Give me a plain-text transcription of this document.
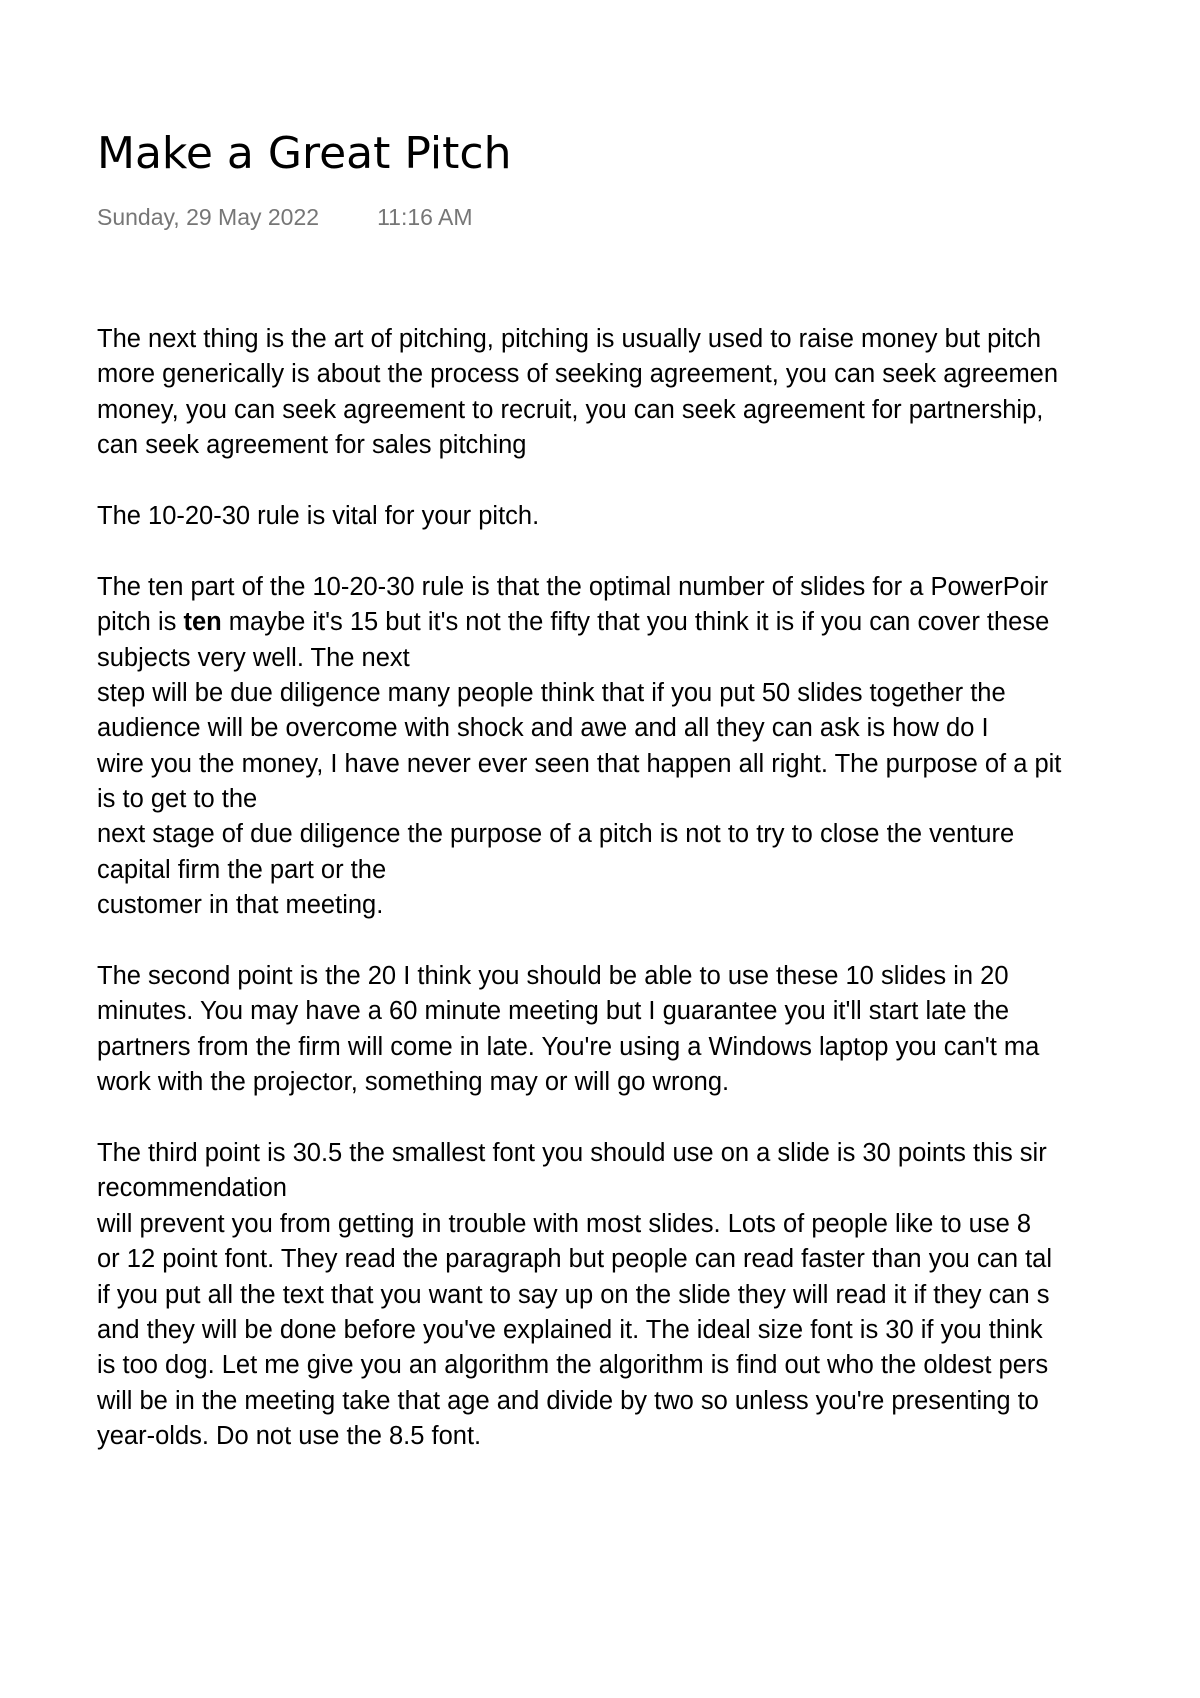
Make a Great Pitch
Sunday, 29 May 2022	11:16 AM
The next thing is the art of pitching, pitching is usually used to raise money but pitch
more generically is about the process of seeking agreement, you can seek agreemen
money, you can seek agreement to recruit, you can seek agreement for partnership,
can seek agreement for sales pitching
The 10-20-30 rule is vital for your pitch.
The ten part of the 10-20-30 rule is that the optimal number of slides for a PowerPoir
pitch is ten maybe it's 15 but it's not the fifty that you think it is if you can cover these
subjects very well. The next
step will be due diligence many people think that if you put 50 slides together the
audience will be overcome with shock and awe and all they can ask is how do I
wire you the money, I have never ever seen that happen all right. The purpose of a pit
is to get to the
next stage of due diligence the purpose of a pitch is not to try to close the venture
capital firm the part or the
customer in that meeting.
The second point is the 20 I think you should be able to use these 10 slides in 20
minutes. You may have a 60 minute meeting but I guarantee you it'll start late the
partners from the firm will come in late. You're using a Windows laptop you can't ma
work with the projector, something may or will go wrong.
The third point is 30.5 the smallest font you should use on a slide is 30 points this sir
recommendation
will prevent you from getting in trouble with most slides. Lots of people like to use 8
or 12 point font. They read the paragraph but people can read faster than you can tal
if you put all the text that you want to say up on the slide they will read it if they can s
and they will be done before you've explained it. The ideal size font is 30 if you think
is too dog. Let me give you an algorithm the algorithm is find out who the oldest pers
will be in the meeting take that age and divide by two so unless you're presenting to
year-olds. Do not use the 8.5 font.
